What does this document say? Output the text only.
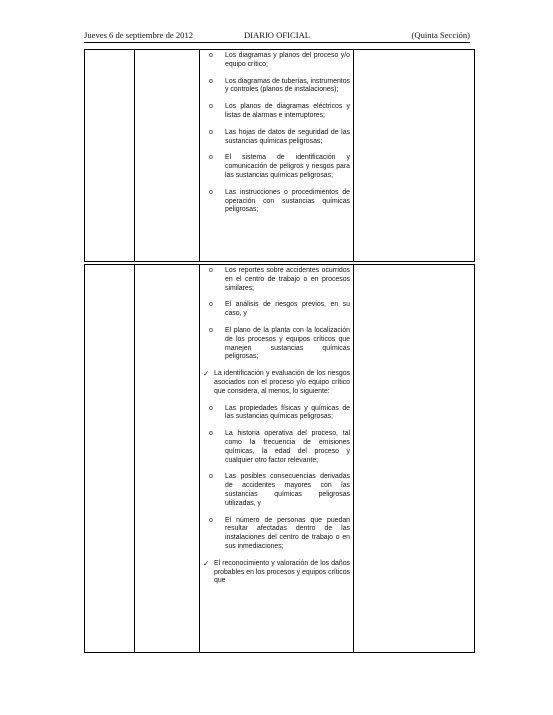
Jueves 6 de septiembre de 2012	DIARIO OFICIAL	(Quinta Sección)

o Los diagramas y planos del proceso y/o equipo crítico;
o Los diagramas de tuberías, instrumentos y controles (planos de instalaciones);
o Los planos de diagramas eléctricos y listas de alarmas e interruptores;
o Las hojas de datos de seguridad de las sustancias químicas peligrosas;
o El sistema de identificación y comunicación de peligros y riesgos para las sustancias químicas peligrosas;
o Las instrucciones o procedimientos de operación con sustancias químicas peligrosas;

o Los reportes sobre accidentes ocurridos en el centro de trabajo o en procesos similares;
o El análisis de riesgos previos, en su caso, y
o El plano de la planta con la localización de los procesos y equipos críticos que manejen sustancias químicas peligrosas;
✓ La identificación y evaluación de los riesgos asociados con el proceso y/o equipo crítico que considera, al menos, lo siguiente:
o Las propiedades físicas y químicas de las sustancias químicas peligrosas;
o La historia operativa del proceso, tal como la frecuencia de emisiones químicas, la edad del proceso y cualquier otro factor relevante;
o Las posibles consecuencias derivadas de accidentes mayores con las sustancias químicas peligrosas utilizadas, y
o El número de personas que puedan resultar afectadas dentro de las instalaciones del centro de trabajo o en sus inmediaciones;
✓ El reconocimiento y valoración de los daños probables en los procesos y equipos críticos que
